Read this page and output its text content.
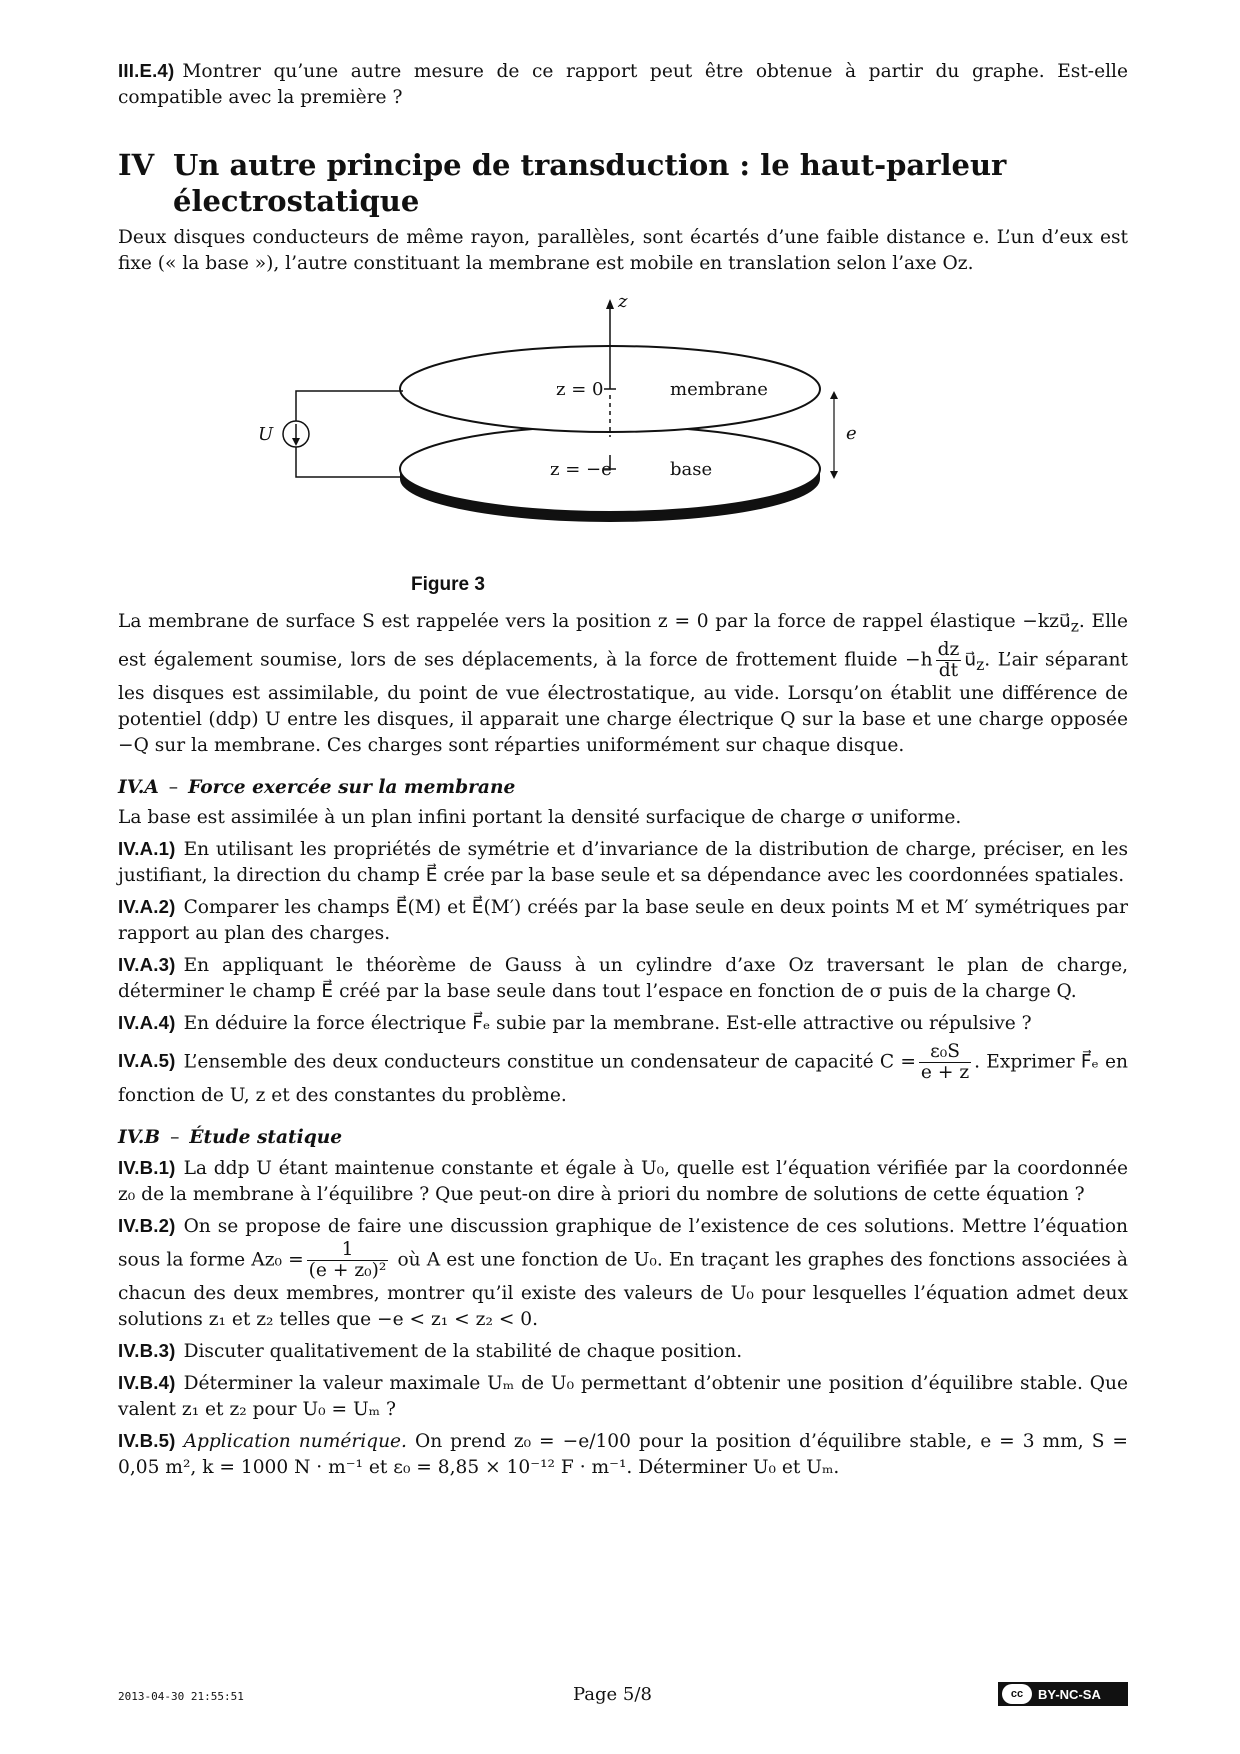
III.E.4) Montrer qu’une autre mesure de ce rapport peut être obtenue à partir du graphe. Est-elle compatible avec la première ?

IV Un autre principe de transduction : le haut-parleur électrostatique

Deux disques conducteurs de même rayon, parallèles, sont écartés d’une faible distance e. L’un d’eux est fixe (« la base »), l’autre constituant la membrane est mobile en translation selon l’axe Oz.

z
z = 0	membrane
z = −e	base
U	e
Figure 3

La membrane de surface S est rappelée vers la position z = 0 par la force de rappel élastique $-kzu⃗_z$. Elle est également soumise, lors de ses déplacements, à la force de frottement fluide $-h \frac{dz}{dt}$ $u⃗_z$. L’air séparant les disques est assimilable, du point de vue électrostatique, au vide. Lorsqu’on établit une différence de potentiel (ddp) U entre les disques, il apparait une charge électrique Q sur la base et une charge opposée −Q sur la membrane. Ces charges sont réparties uniformément sur chaque disque.

IV.A – Force exercée sur la membrane

La base est assimilée à un plan infini portant la densité surfacique de charge σ uniforme.

IV.A.1) En utilisant les propriétés de symétrie et d’invariance de la distribution de charge, préciser, en les justifiant, la direction du champ E⃗ crée par la base seule et sa dépendance avec les coordonnées spatiales.

IV.A.2) Comparer les champs E⃗(M) et E⃗(M′) créés par la base seule en deux points M et M′ symétriques par rapport au plan des charges.

IV.A.3) En appliquant le théorème de Gauss à un cylindre d’axe Oz traversant le plan de charge, déterminer le champ E⃗ créé par la base seule dans tout l’espace en fonction de σ puis de la charge Q.

IV.A.4) En déduire la force électrique F⃗ₑ subie par la membrane. Est-elle attractive ou répulsive ?

IV.A.5) L’ensemble des deux conducteurs constitue un condensateur de capacité $C = \frac{\text{ε₀S}}{e + z}$ . Exprimer F⃗ₑ en fonction de U, z et des constantes du problème.

IV.B – Étude statique

IV.B.1) La ddp U étant maintenue constante et égale à U₀, quelle est l’équation vérifiée par la coordonnée z₀ de la membrane à l’équilibre ? Que peut-on dire à priori du nombre de solutions de cette équation ?

IV.B.2) On se propose de faire une discussion graphique de l’existence de ces solutions. Mettre l’équation sous la forme $Az_0 = \frac{1}{\text{(e + z₀)²}}$ où A est une fonction de U₀. En traçant les graphes des fonctions associées à chacun des deux membres, montrer qu’il existe des valeurs de U₀ pour lesquelles l’équation admet deux solutions z₁ et z₂ telles que −e < z₁ < z₂ < 0.

IV.B.3) Discuter qualitativement de la stabilité de chaque position.

IV.B.4) Déterminer la valeur maximale Uₘ de U₀ permettant d’obtenir une position d’équilibre stable. Que valent z₁ et z₂ pour U₀ = Uₘ ?

IV.B.5) Application numérique. On prend z₀ = −e/100 pour la position d’équilibre stable, e = 3 mm, S = 0,05 m², k = 1000 N · m⁻¹ et ε₀ = 8,85 × 10⁻¹² F · m⁻¹. Déterminer U₀ et Uₘ.

2013-04-30 21:55:51	Page 5/8	cc	BY-NC-SA
